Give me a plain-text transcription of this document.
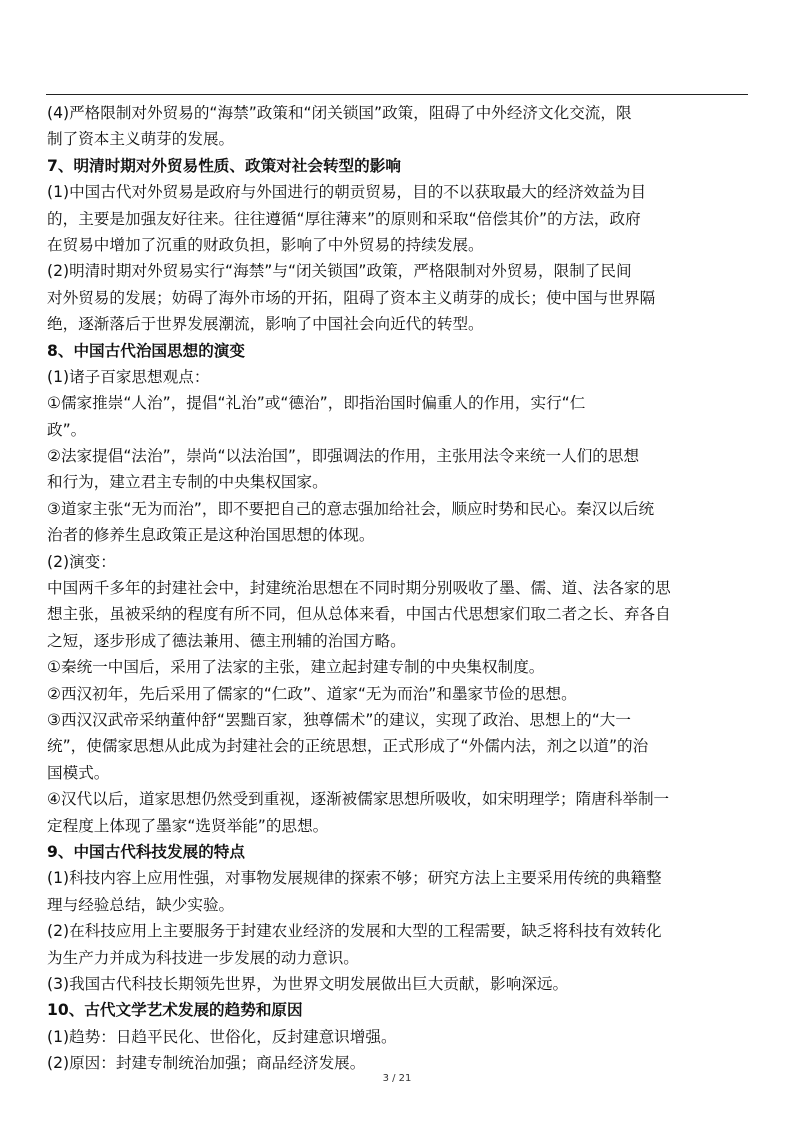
(4)严格限制对外贸易的“海禁”政策和“闭关锁国”政策，阻碍了中外经济文化交流，限
制了资本主义萌芽的发展。
7、明清时期对外贸易性质、政策对社会转型的影响
(1)中国古代对外贸易是政府与外国进行的朝贡贸易，目的不以获取最大的经济效益为目
的，主要是加强友好往来。往往遵循“厚往薄来”的原则和采取“倍偿其价”的方法，政府
在贸易中增加了沉重的财政负担，影响了中外贸易的持续发展。
(2)明清时期对外贸易实行“海禁”与“闭关锁国”政策，严格限制对外贸易，限制了民间
对外贸易的发展；妨碍了海外市场的开拓，阻碍了资本主义萌芽的成长；使中国与世界隔
绝，逐渐落后于世界发展潮流，影响了中国社会向近代的转型。
8、中国古代治国思想的演变
(1)诸子百家思想观点：
①儒家推崇“人治”，提倡“礼治”或“德治”，即指治国时偏重人的作用，实行“仁
政”。
②法家提倡“法治”，崇尚“以法治国”，即强调法的作用，主张用法令来统一人们的思想
和行为，建立君主专制的中央集权国家。
③道家主张“无为而治”，即不要把自己的意志强加给社会，顺应时势和民心。秦汉以后统
治者的修养生息政策正是这种治国思想的体现。
(2)演变：
中国两千多年的封建社会中，封建统治思想在不同时期分别吸收了墨、儒、道、法各家的思
想主张，虽被采纳的程度有所不同，但从总体来看，中国古代思想家们取二者之长、弃各自
之短，逐步形成了德法兼用、德主刑辅的治国方略。
①秦统一中国后，采用了法家的主张，建立起封建专制的中央集权制度。
②西汉初年，先后采用了儒家的“仁政”、道家“无为而治”和墨家节俭的思想。
③西汉汉武帝采纳董仲舒“罢黜百家，独尊儒术”的建议，实现了政治、思想上的“大一
统”，使儒家思想从此成为封建社会的正统思想，正式形成了“外儒内法，剂之以道”的治
国模式。
④汉代以后，道家思想仍然受到重视，逐渐被儒家思想所吸收，如宋明理学；隋唐科举制一
定程度上体现了墨家“选贤举能”的思想。
9、中国古代科技发展的特点
(1)科技内容上应用性强，对事物发展规律的探索不够；研究方法上主要采用传统的典籍整
理与经验总结，缺少实验。
(2)在科技应用上主要服务于封建农业经济的发展和大型的工程需要，缺乏将科技有效转化
为生产力并成为科技进一步发展的动力意识。
(3)我国古代科技长期领先世界，为世界文明发展做出巨大贡献，影响深远。
10、古代文学艺术发展的趋势和原因
(1)趋势：日趋平民化、世俗化，反封建意识增强。
(2)原因：封建专制统治加强；商品经济发展。
3 / 21
